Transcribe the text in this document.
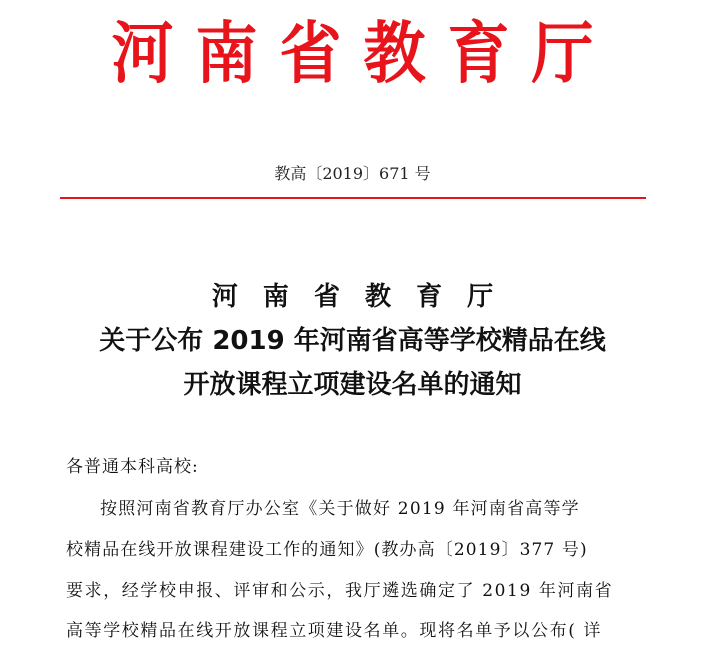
河南省教育厅
教高〔2019〕671 号
河 南 省 教 育 厅
关于公布 2019 年河南省高等学校精品在线
开放课程立项建设名单的通知
各普通本科高校:
按照河南省教育厅办公室《关于做好 2019 年河南省高等学
校精品在线开放课程建设工作的通知》(教办高〔2019〕377 号)
要求，经学校申报、评审和公示，我厅遴选确定了 2019 年河南省
高等学校精品在线开放课程立项建设名单。现将名单予以公布( 详
